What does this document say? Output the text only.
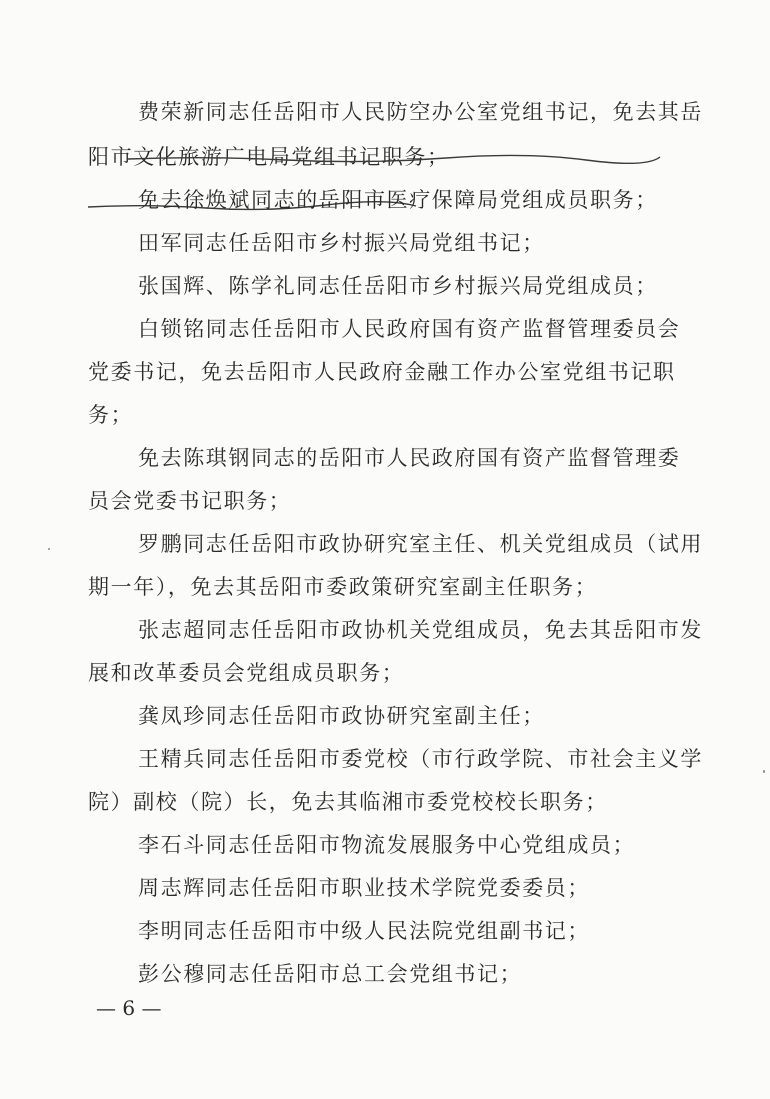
费荣新同志任岳阳市人民防空办公室党组书记，免去其岳
阳市文化旅游广电局党组书记职务；
免去徐焕斌同志的岳阳市医疗保障局党组成员职务；
田军同志任岳阳市乡村振兴局党组书记；
张国辉、陈学礼同志任岳阳市乡村振兴局党组成员；
白锁铭同志任岳阳市人民政府国有资产监督管理委员会
党委书记，免去岳阳市人民政府金融工作办公室党组书记职
务；
免去陈琪钢同志的岳阳市人民政府国有资产监督管理委
员会党委书记职务；
罗鹏同志任岳阳市政协研究室主任、机关党组成员（试用
期一年），免去其岳阳市委政策研究室副主任职务；
张志超同志任岳阳市政协机关党组成员，免去其岳阳市发
展和改革委员会党组成员职务；
龚凤珍同志任岳阳市政协研究室副主任；
王精兵同志任岳阳市委党校（市行政学院、市社会主义学
院）副校（院）长，免去其临湘市委党校校长职务；
李石斗同志任岳阳市物流发展服务中心党组成员；
周志辉同志任岳阳市职业技术学院党委委员；
李明同志任岳阳市中级人民法院党组副书记；
彭公穆同志任岳阳市总工会党组书记；
— 6 —
